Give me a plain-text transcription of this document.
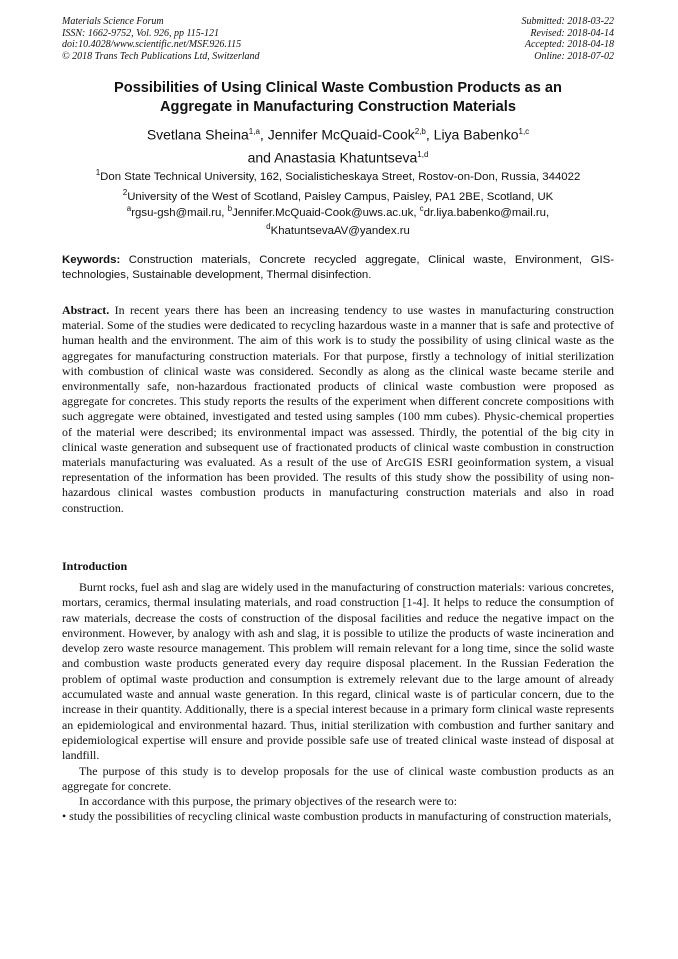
Materials Science Forum
ISSN: 1662-9752, Vol. 926, pp 115-121
doi:10.4028/www.scientific.net/MSF.926.115
© 2018 Trans Tech Publications Ltd, Switzerland
Submitted: 2018-03-22
Revised: 2018-04-14
Accepted: 2018-04-18
Online: 2018-07-02
Possibilities of Using Clinical Waste Combustion Products as an
Aggregate in Manufacturing Construction Materials
Svetlana Sheina$^{1,a}$, Jennifer McQuaid-Cook$^{2,b}$, Liya Babenko$^{1,c}$
and Anastasia Khatuntseva$^{1,d}$
$^1$Don State Technical University, 162, Socialisticheskaya Street, Rostov-on-Don, Russia, 344022
$^2$University of the West of Scotland, Paisley Campus, Paisley, PA1 2BE, Scotland, UK
$^a$rgsu-gsh@mail.ru, $^b$Jennifer.McQuaid-Cook@uws.ac.uk, $^c$dr.liya.babenko@mail.ru,
$^d$KhatuntsevaAV@yandex.ru
Keywords: Construction materials, Concrete recycled aggregate, Clinical waste, Environment, GIS-technologies, Sustainable development, Thermal disinfection.
Abstract. In recent years there has been an increasing tendency to use wastes in manufacturing construction material. Some of the studies were dedicated to recycling hazardous waste in a manner that is safe and protective of human health and the environment. The aim of this work is to study the possibility of using clinical waste as the aggregates for manufacturing construction materials. For that purpose, firstly a technology of initial sterilization with combustion of clinical waste was considered. Secondly as along as the clinical waste became sterile and environmentally safe, non-hazardous fractionated products of clinical waste combustion were proposed as aggregate for concretes. This study reports the results of the experiment when different concrete compositions with such aggregate were obtained, investigated and tested using samples (100 mm cubes). Physic-chemical properties of the material were described; its environmental impact was assessed. Thirdly, the potential of the big city in clinical waste generation and subsequent use of fractionated products of clinical waste combustion in construction materials manufacturing was evaluated. As a result of the use of ArcGIS ESRI geoinformation system, a visual representation of the information has been provided. The results of this study show the possibility of using non-hazardous clinical wastes combustion products in manufacturing construction materials and also in road construction.
Introduction

Burnt rocks, fuel ash and slag are widely used in the manufacturing of construction materials: various concretes, mortars, ceramics, thermal insulating materials, and road construction [1-4]. It helps to reduce the consumption of raw materials, decrease the costs of construction of the disposal facilities and reduce the negative impact on the environment. However, by analogy with ash and slag, it is possible to utilize the products of waste incineration and develop zero waste resource management. This problem will remain relevant for a long time, since the solid waste and combustion waste products generated every day require disposal placement. In the Russian Federation the problem of optimal waste production and consumption is extremely relevant due to the large amount of already accumulated waste and annual waste generation. In this regard, clinical waste is of particular concern, due to the increase in their quantity. Additionally, there is a special interest because in a primary form clinical waste represents an epidemiological and environmental hazard. Thus, initial sterilization with combustion and further sanitary and epidemiological expertise will ensure and provide possible safe use of treated clinical waste instead of disposal at landfill.

The purpose of this study is to develop proposals for the use of clinical waste combustion products as an aggregate for concrete.

In accordance with this purpose, the primary objectives of the research were to:

• study the possibilities of recycling clinical waste combustion products in manufacturing of construction materials,
